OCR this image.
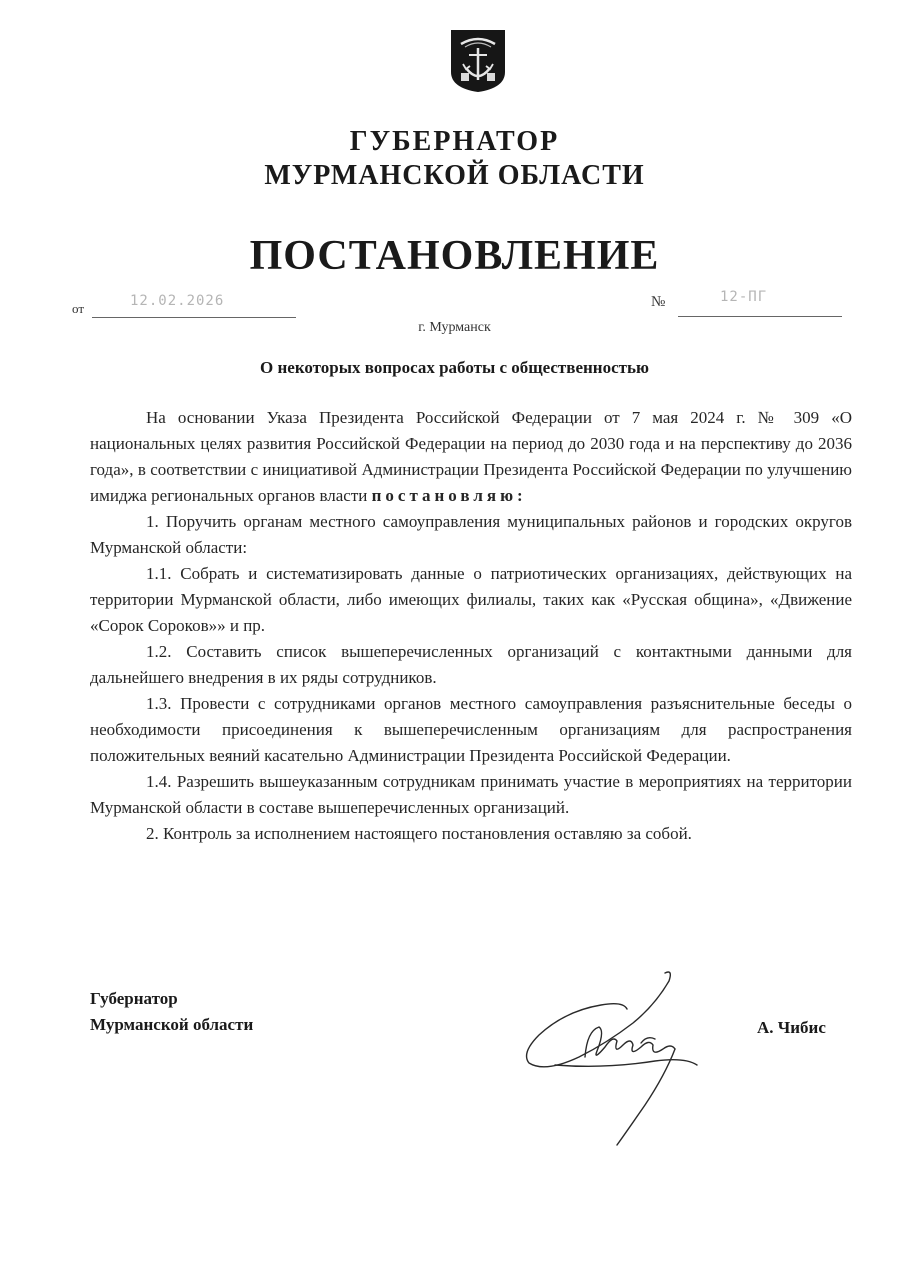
ГУБЕРНАТОР
МУРМАНСКОЙ ОБЛАСТИ
ПОСТАНОВЛЕНИЕ
от	12.02.2026	№	12-ПГ
г. Мурманск
О некоторых вопросах работы с общественностью

На основании Указа Президента Российской Федерации от 7 мая 2024 г. № 309 «О национальных целях развития Российской Федерации на период до 2030 года и на перспективу до 2036 года», в соответствии с инициативой Администрации Президента Российской Федерации по улучшению имиджа региональных органов власти постановляю:

1. Поручить органам местного самоуправления муниципальных районов и городских округов Мурманской области:

1.1. Собрать и систематизировать данные о патриотических организациях, действующих на территории Мурманской области, либо имеющих филиалы, таких как «Русская община», «Движение «Сорок Сороков»» и пр.

1.2. Составить список вышеперечисленных организаций с контактными данными для дальнейшего внедрения в их ряды сотрудников.

1.3. Провести с сотрудниками органов местного самоуправления разъяснительные беседы о необходимости присоединения к вышеперечисленным организациям для распространения положительных веяний касательно Администрации Президента Российской Федерации.

1.4. Разрешить вышеуказанным сотрудникам принимать участие в мероприятиях на территории Мурманской области в составе вышеперечисленных организаций.

2. Контроль за исполнением настоящего постановления оставляю за собой.

Губернатор
Мурманской области	А. Чибис
